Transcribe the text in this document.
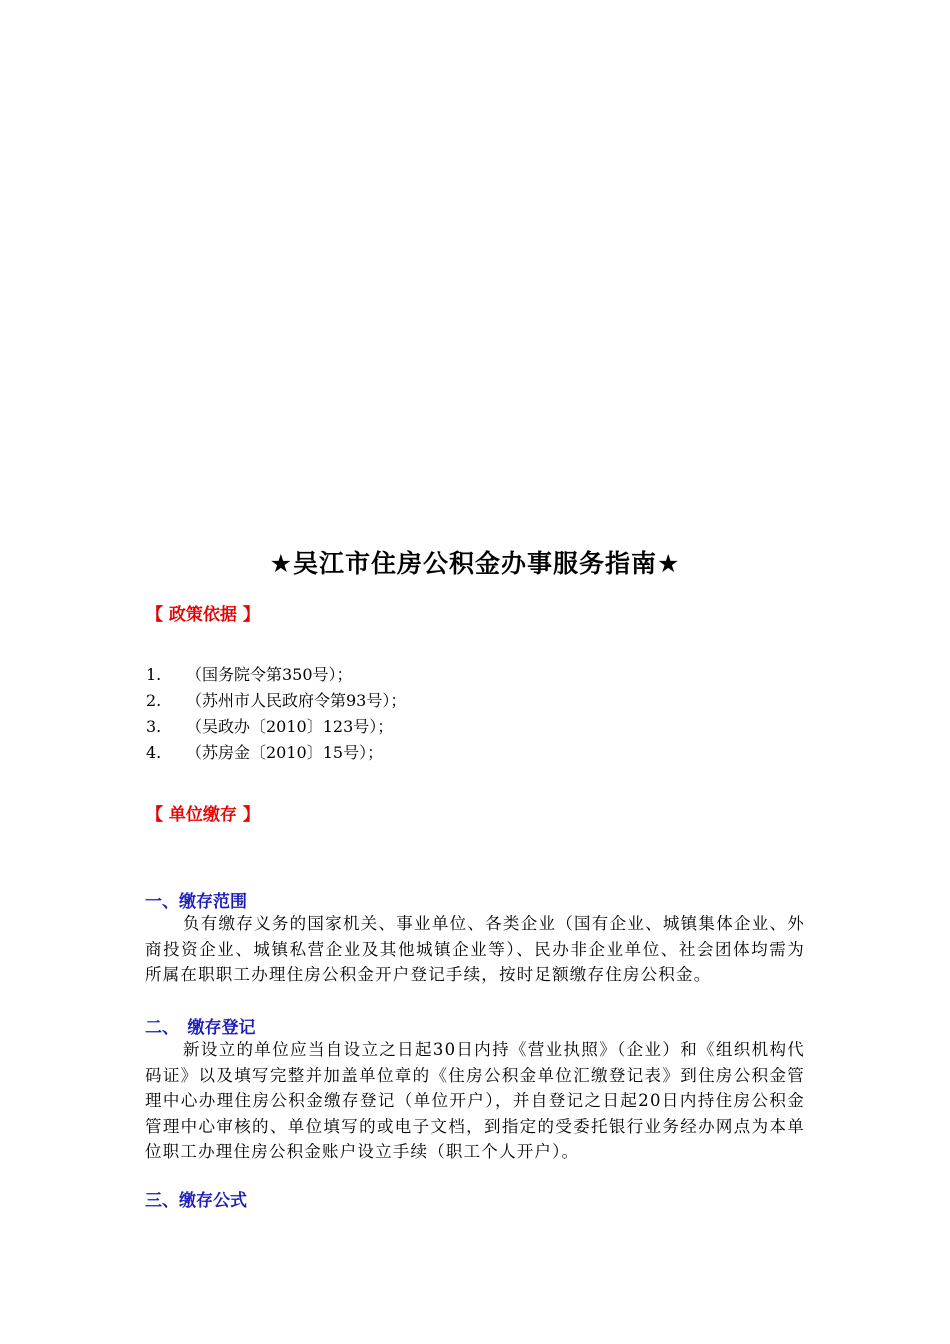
★吴江市住房公积金办事服务指南★
【 政策依据 】
1. （国务院令第350号）；
2. （苏州市人民政府令第93号）；
3. （吴政办〔2010〕123号）；
4. （苏房金〔2010〕15号）；
【 单位缴存 】
一、缴存范围
负有缴存义务的国家机关、事业单位、各类企业（国有企业、城镇集体企业、外商投资企业、城镇私营企业及其他城镇企业等）、民办非企业单位、社会团体均需为所属在职职工办理住房公积金开户登记手续，按时足额缴存住房公积金。
二、　缴存登记
新设立的单位应当自设立之日起30日内持《营业执照》（企业）和《组织机构代码证》以及填写完整并加盖单位章的《住房公积金单位汇缴登记表》到住房公积金管理中心办理住房公积金缴存登记（单位开户），并自登记之日起20日内持住房公积金管理中心审核的、单位填写的或电子文档，到指定的受委托银行业务经办网点为本单位职工办理住房公积金账户设立手续（职工个人开户）。
三、缴存公式
